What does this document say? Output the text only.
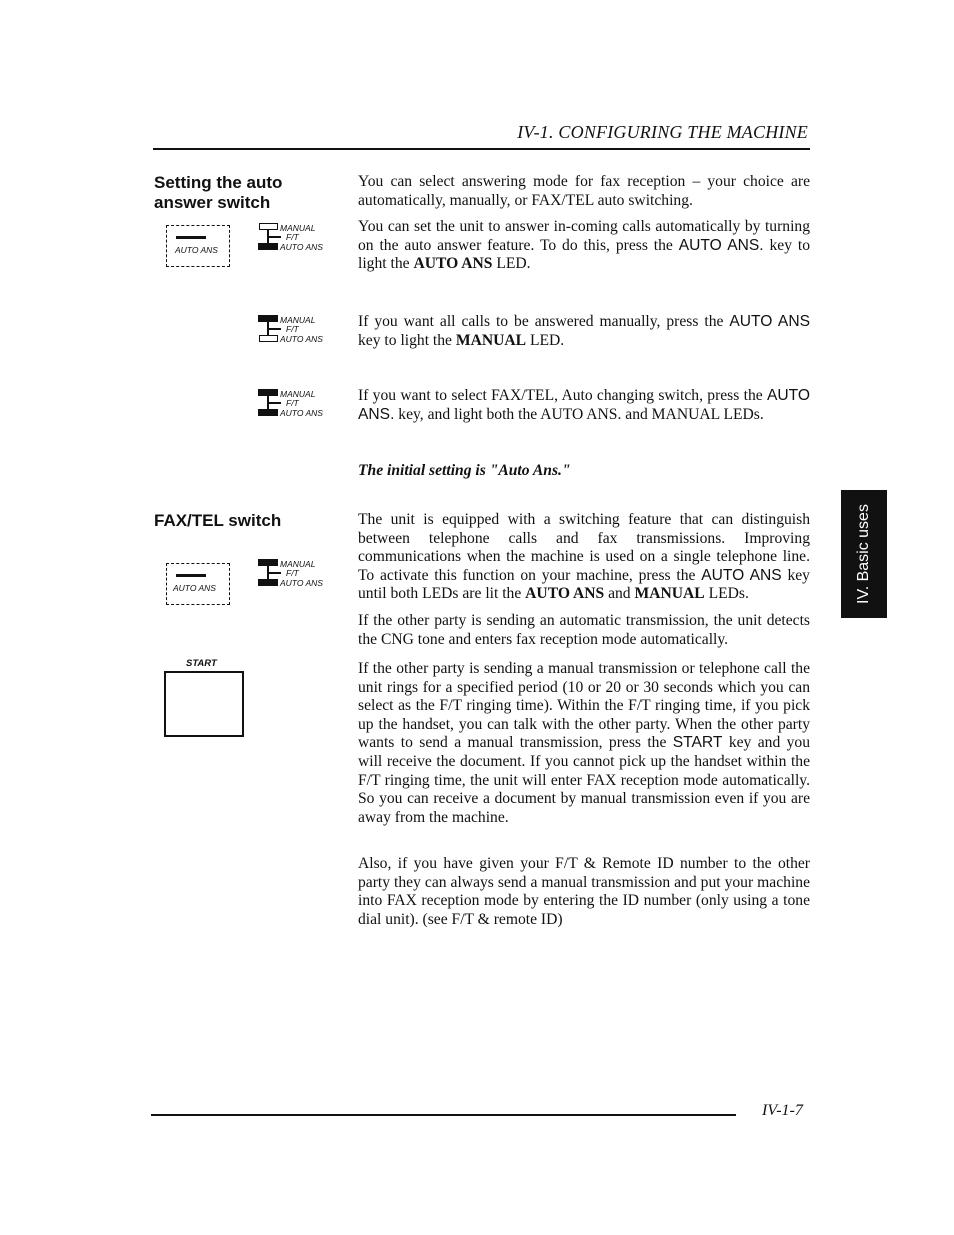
IV-1. CONFIGURING THE MACHINE
IV. Basic uses
Setting the auto
answer switch
AUTO ANS
MANUAL
F/T
AUTO ANS
You can select answering mode for fax reception – your choice are automatically, manually, or FAX/TEL auto switching.
You can set the unit to answer in-coming calls automatically by turning on the auto answer feature. To do this, press the AUTO ANS. key to light the AUTO ANS LED.
MANUAL
F/T
AUTO ANS
If you want all calls to be answered manually, press the AUTO ANS key to light the MANUAL LED.
MANUAL
F/T
AUTO ANS
If you want to select FAX/TEL, Auto changing switch, press the AUTO ANS. key, and light both the AUTO ANS. and MANUAL LEDs.
The initial setting is "Auto Ans."
FAX/TEL switch
AUTO ANS
MANUAL
F/T
AUTO ANS
START
The unit is equipped with a switching feature that can distinguish between telephone calls and fax transmissions. Improving communications when the machine is used on a single telephone line. To activate this function on your machine, press the AUTO ANS key until both LEDs are lit the AUTO ANS and MANUAL LEDs.
If the other party is sending an automatic transmission, the unit detects the CNG tone and enters fax reception mode automatically.
If the other party is sending a manual transmission or telephone call the unit rings for a specified period (10 or 20 or 30 seconds which you can select as the F/T ringing time). Within the F/T ringing time, if you pick up the handset, you can talk with the other party. When the other party wants to send a manual transmission, press the START key and you will receive the document. If you cannot pick up the handset within the F/T ringing time, the unit will enter FAX reception mode automatically. So you can receive a document by manual transmission even if you are away from the machine.
Also, if you have given your F/T & Remote ID number to the other party they can always send a manual transmission and put your machine into FAX reception mode by entering the ID number (only using a tone dial unit). (see F/T & remote ID)
IV-1-7
